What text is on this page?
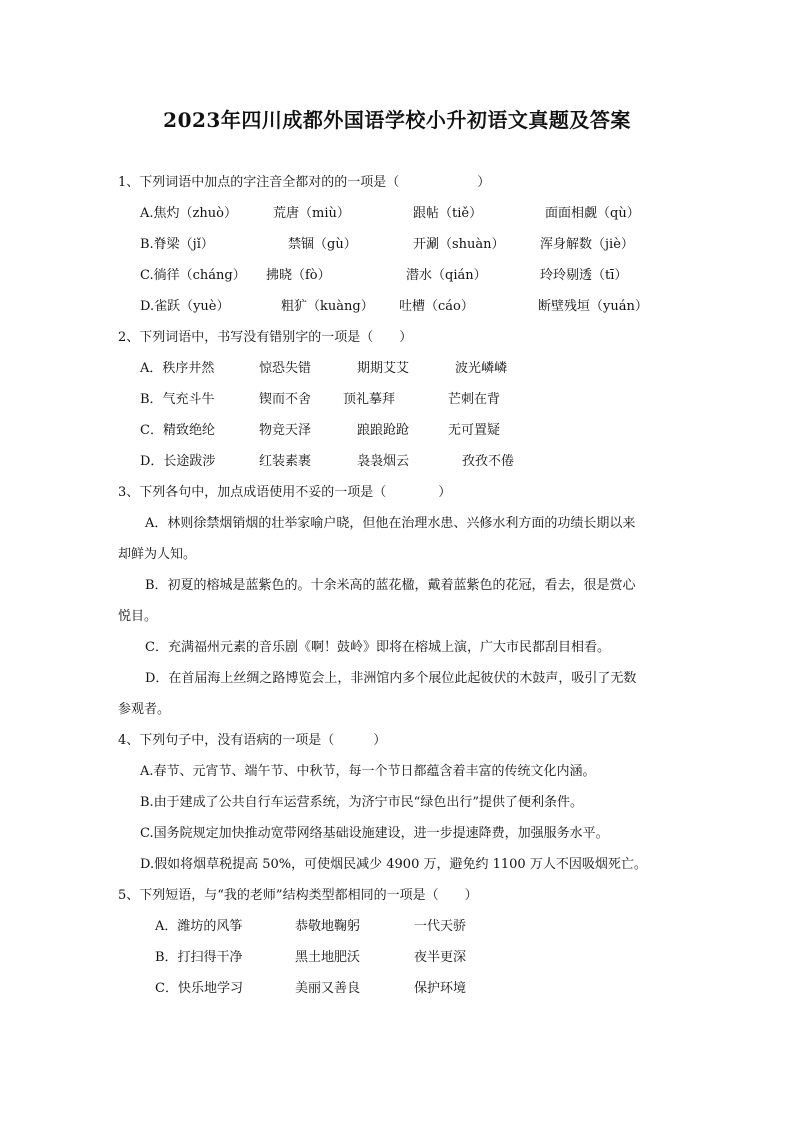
2023年四川成都外国语学校小升初语文真题及答案
1、下列词语中加点的字注音全都对的的一项是（　　　　　　）
A.焦灼（zhuò）	荒唐（miù）	跟帖（tiě）	面面相觑（qù）
B.脊梁（jǐ）	禁锢（gù）	开涮（shuàn）	浑身解数（jiè）
C.徜徉（cháng） 拂晓（fò）	潜水（qián）	玲玲剔透（tī）
D.雀跃（yuè）	粗犷（kuàng） 吐槽（cáo）	断壁残垣（yuán）
2、下列词语中，书写没有错别字的一项是（　　）
A．秩序井然	惊恐失错	期期艾艾	波光嶙嶙
B．气充斗牛	锲而不舍 顶礼摹拜	芒刺在背
C．精致绝纶	物竞天泽	踉踉跄跄	无可置疑
D．长途跋涉	红装素裹	袅袅烟云	孜孜不倦
3、下列各句中，加点成语使用不妥的一项是（　　　　）
A．林则徐禁烟销烟的壮举家喻户晓，但他在治理水患、兴修水利方面的功绩长期以来
却鲜为人知。
B．初夏的榕城是蓝紫色的。十余米高的蓝花楹，戴着蓝紫色的花冠，看去，很是赏心
悦目。
C．充满福州元素的音乐剧《啊！鼓岭》即将在榕城上演，广大市民都刮目相看。
D．在首届海上丝绸之路博览会上，非洲馆内多个展位此起彼伏的木鼓声，吸引了无数
参观者。
4、下列句子中，没有语病的一项是（　　　）
A.春节、元宵节、端午节、中秋节，每一个节日都蕴含着丰富的传统文化内涵。
B.由于建成了公共自行车运营系统，为济宁市民“绿色出行”提供了便利条件。
C.国务院规定加快推动宽带网络基础设施建设，进一步提速降费，加强服务水平。
D.假如将烟草税提高 50%，可使烟民减少 4900 万，避免约 1100 万人不因吸烟死亡。
5、下列短语，与“我的老师”结构类型都相同的一项是（　　）
A．潍坊的风筝	恭敬地鞠躬	一代天骄
B．打扫得干净	黑土地肥沃	夜半更深
C．快乐地学习	美丽又善良	保护环境
